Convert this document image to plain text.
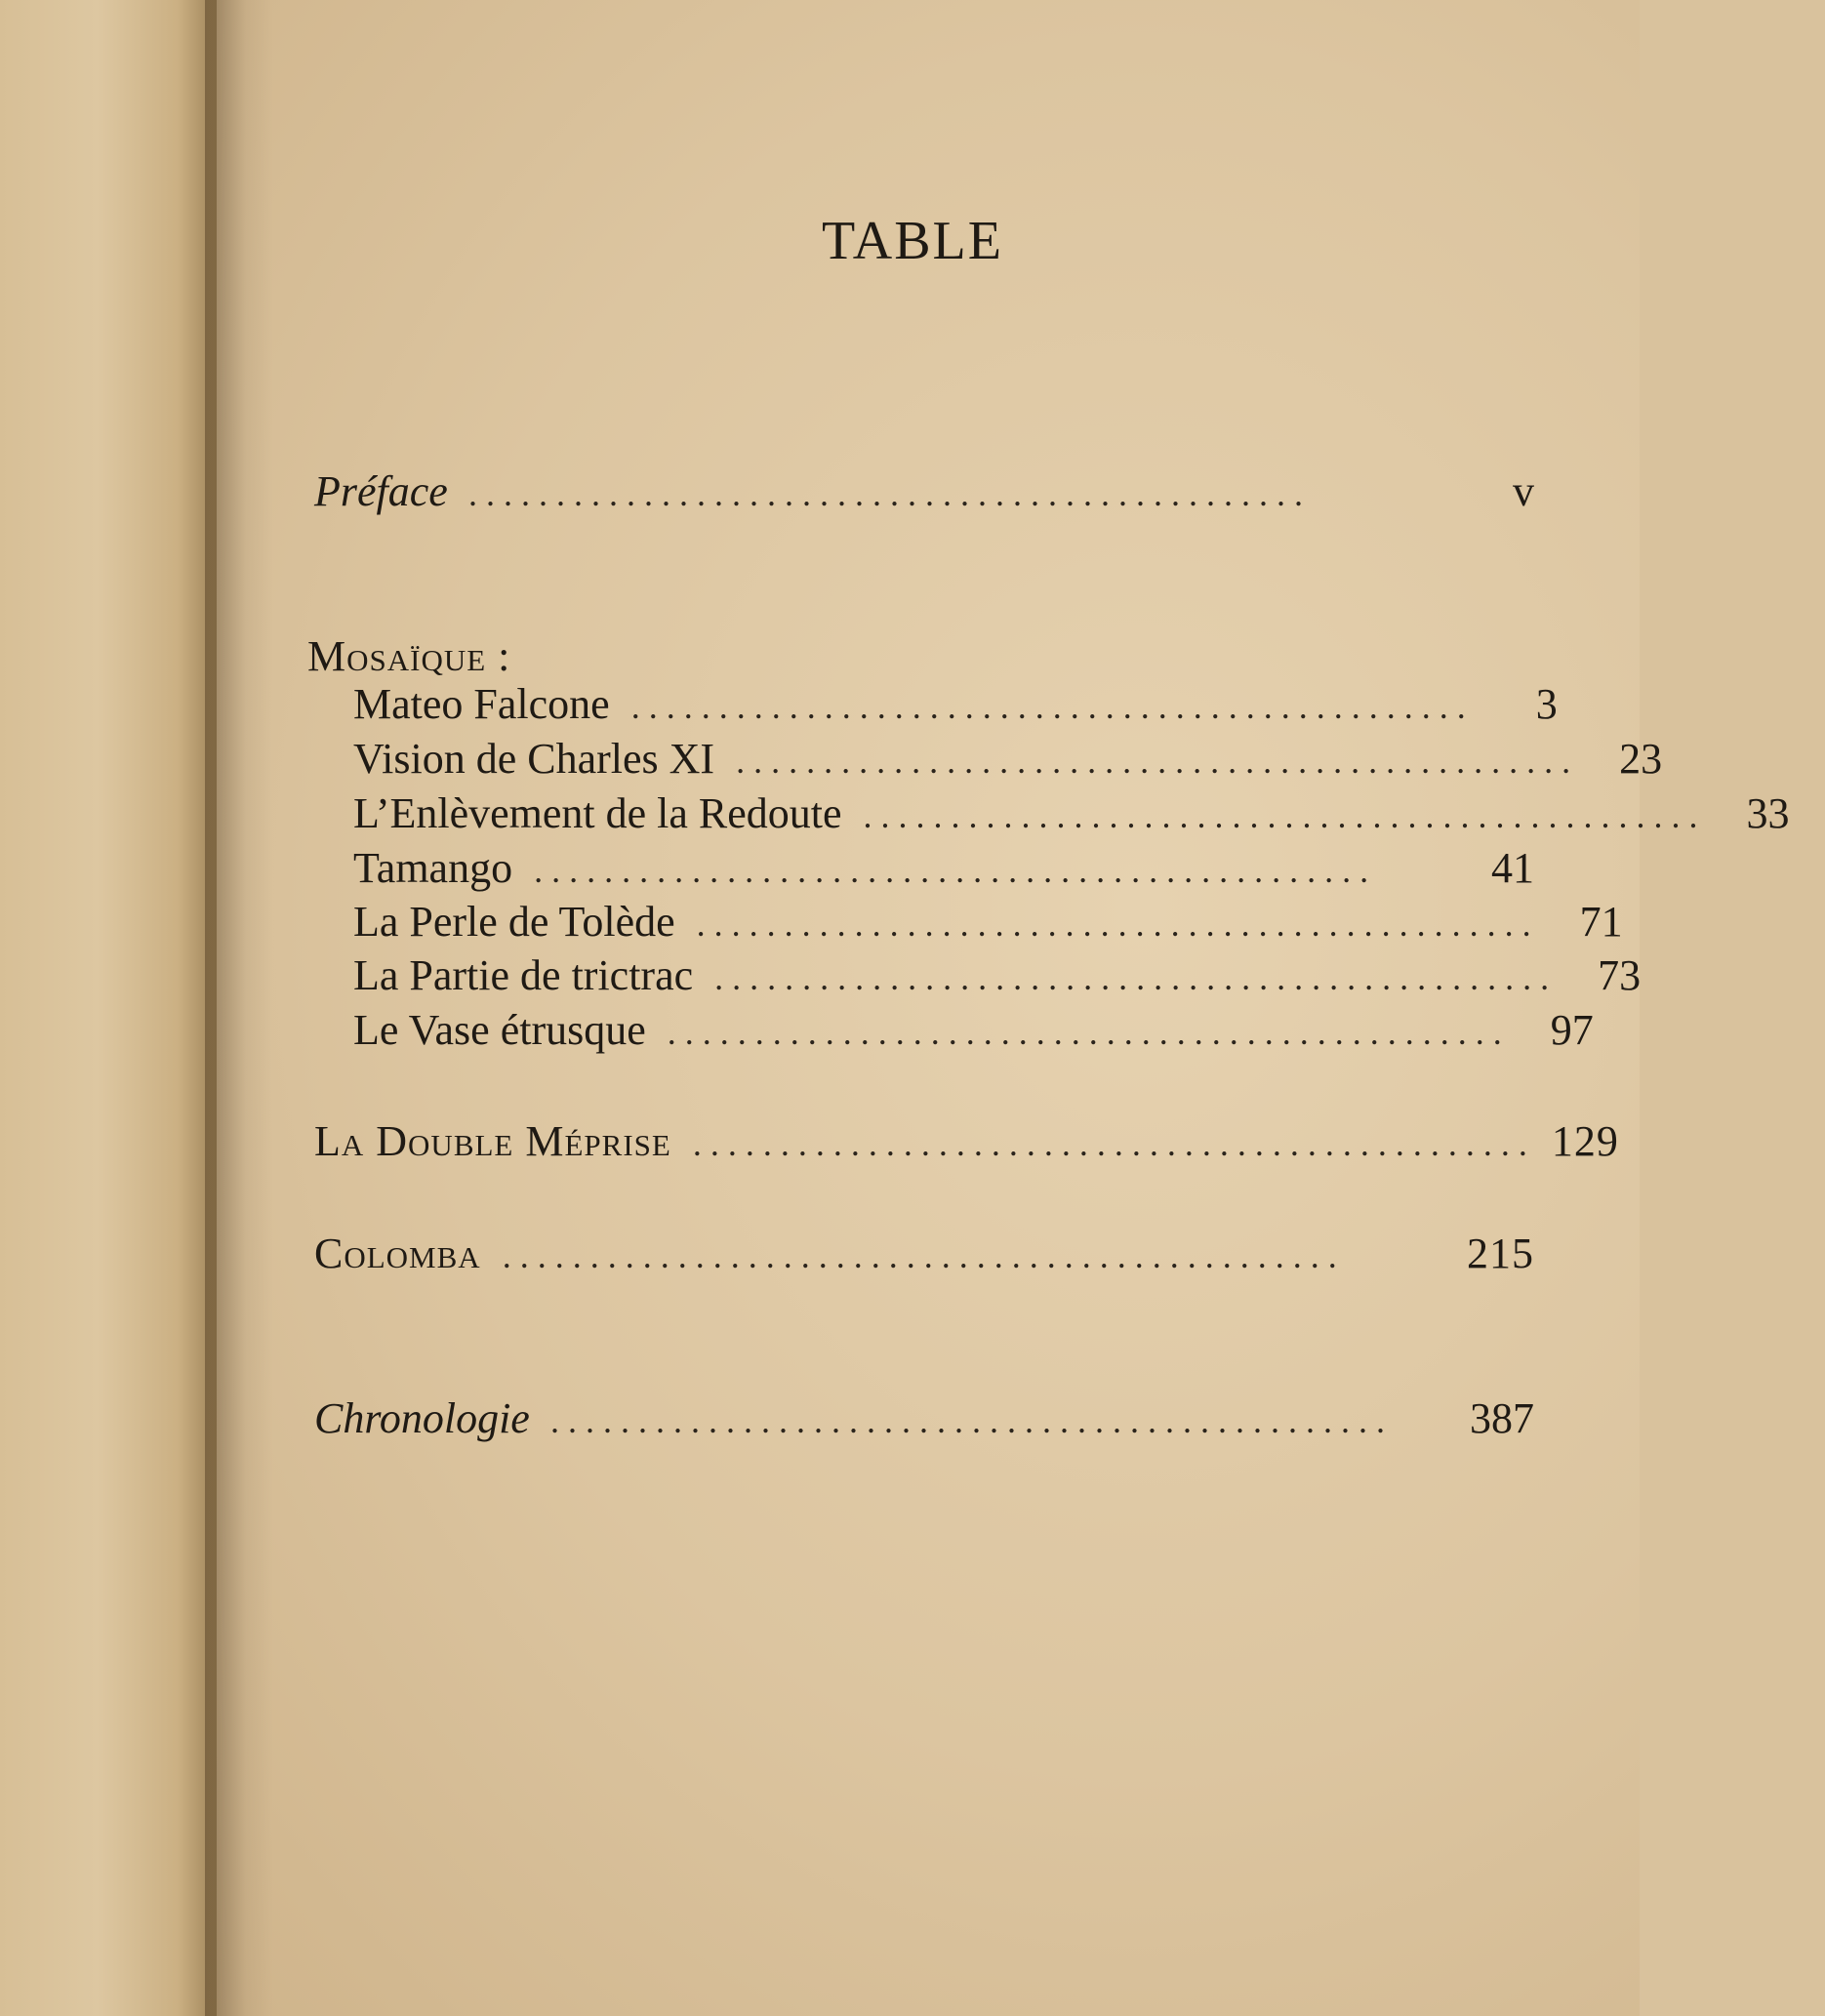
TABLE
Préface . . . . . . . . . . . . . . . . . . . . . . . . . . . . . . . . . . . . . . . . . . . . . . . .	v
Mosaïque :
Mateo Falcone . . . . . . . . . . . . . . . . . . . . . . . . . . . . . . . . . . . . . . . . . . . . . . . .	3
Vision de Charles XI . . . . . . . . . . . . . . . . . . . . . . . . . . . . . . . . . . . . . . . . . . . . . . . .	23
L’Enlèvement de la Redoute . . . . . . . . . . . . . . . . . . . . . . . . . . . . . . . . . . . . . . . . . . . . . . . .	33
Tamango . . . . . . . . . . . . . . . . . . . . . . . . . . . . . . . . . . . . . . . . . . . . . . . .	41
La Perle de Tolède . . . . . . . . . . . . . . . . . . . . . . . . . . . . . . . . . . . . . . . . . . . . . . . .	71
La Partie de trictrac . . . . . . . . . . . . . . . . . . . . . . . . . . . . . . . . . . . . . . . . . . . . . . . .	73
Le Vase étrusque . . . . . . . . . . . . . . . . . . . . . . . . . . . . . . . . . . . . . . . . . . . . . . . .	97
La Double Méprise . . . . . . . . . . . . . . . . . . . . . . . . . . . . . . . . . . . . . . . . . . . . . . . . 129
Colomba . . . . . . . . . . . . . . . . . . . . . . . . . . . . . . . . . . . . . . . . . . . . . . . .	215
Chronologie . . . . . . . . . . . . . . . . . . . . . . . . . . . . . . . . . . . . . . . . . . . . . . . .	387
